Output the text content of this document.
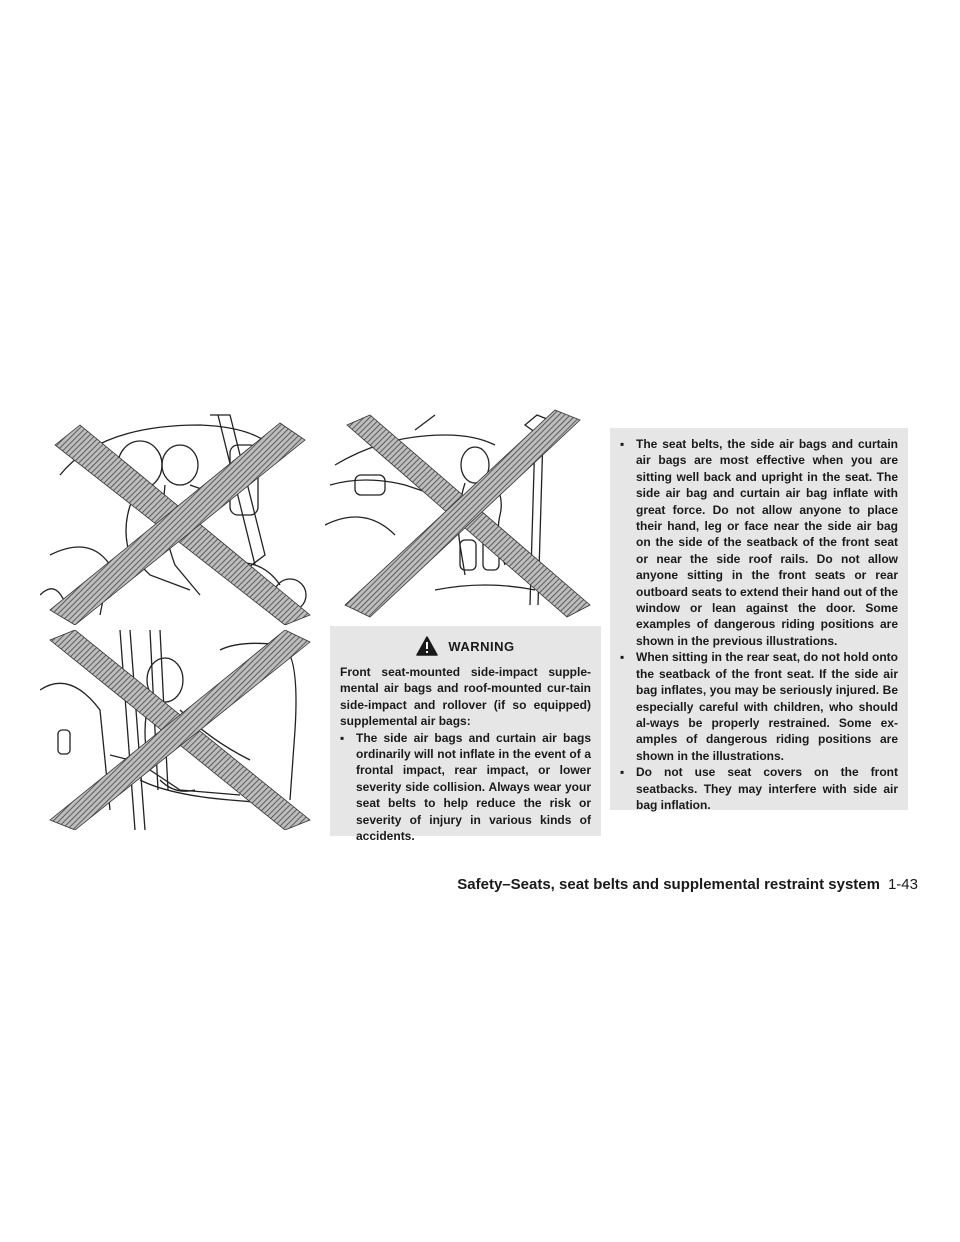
WARNING

Front seat-mounted side-impact supple-mental air bags and roof-mounted cur-tain side-impact and rollover (if so equipped) supplemental air bags:

▪ The side air bags and curtain air bags ordinarily will not inflate in the event of a frontal impact, rear impact, or lower severity side collision. Always wear your seat belts to help reduce the risk or severity of injury in various kinds of accidents.
▪ The seat belts, the side air bags and curtain air bags are most effective when you are sitting well back and upright in the seat. The side air bag and curtain air bag inflate with great force. Do not allow anyone to place their hand, leg or face near the side air bag on the side of the seatback of the front seat or near the side roof rails. Do not allow anyone sitting in the front seats or rear outboard seats to extend their hand out of the window or lean against the door. Some examples of dangerous riding positions are shown in the previous illustrations.
▪ When sitting in the rear seat, do not hold onto the seatback of the front seat. If the side air bag inflates, you may be seriously injured. Be especially careful with children, who should al-ways be properly restrained. Some ex-amples of dangerous riding positions are shown in the illustrations.
▪ Do not use seat covers on the front seatbacks. They may interfere with side air bag inflation.
Safety–Seats, seat belts and supplemental restraint system 1-43
